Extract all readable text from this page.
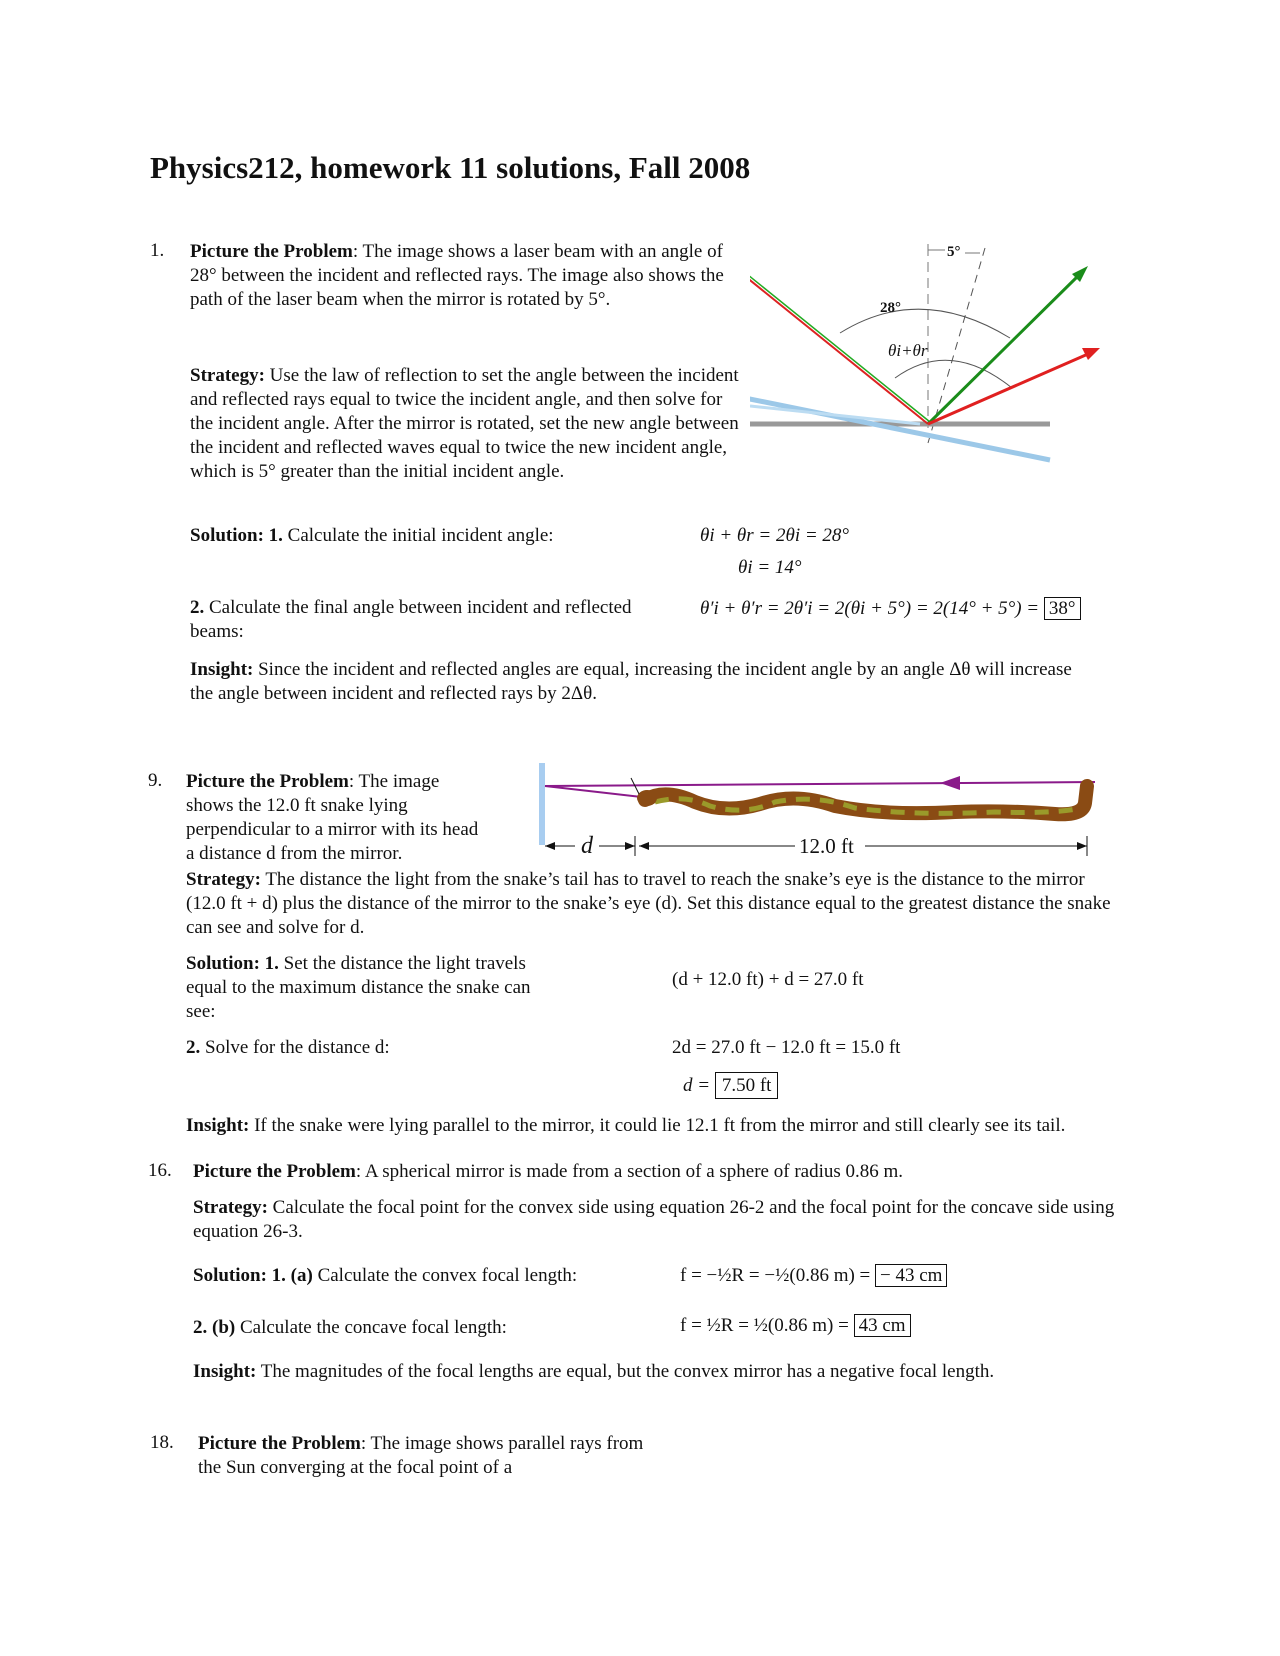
Physics212, homework 11 solutions, Fall 2008
1. Picture the Problem: The image shows a laser beam with an angle of 28° between the incident and reflected rays. The image also shows the path of the laser beam when the mirror is rotated by 5°.
Strategy: Use the law of reflection to set the angle between the incident and reflected rays equal to twice the incident angle, and then solve for the incident angle. After the mirror is rotated, set the new angle between the incident and reflected waves equal to twice the new incident angle, which is 5° greater than the initial incident angle.
5°
28°
θi+θr
Solution: 1. Calculate the initial incident angle:	θi + θr = 2θi = 28°
θi = 14°
2. Calculate the final angle between incident and reflected beams:
θ′i + θ′r = 2θ′i = 2(θi + 5°) = 2(14° + 5°) = 38°
Insight: Since the incident and reflected angles are equal, increasing the incident angle by an angle Δθ will increase the angle between incident and reflected rays by 2Δθ.
9. Picture the Problem: The image shows the 12.0 ft snake lying perpendicular to a mirror with its head a distance d from the mirror.	d	12.0 ft
Strategy: The distance the light from the snake’s tail has to travel to reach the snake’s eye is the distance to the mirror (12.0 ft + d) plus the distance of the mirror to the snake’s eye (d). Set this distance equal to the greatest distance the snake can see and solve for d.
Solution: 1. Set the distance the light travels equal to the maximum distance the snake can see:
(d + 12.0 ft) + d = 27.0 ft
2. Solve for the distance d:	2d = 27.0 ft − 12.0 ft = 15.0 ft
d = 7.50 ft
Insight: If the snake were lying parallel to the mirror, it could lie 12.1 ft from the mirror and still clearly see its tail.
16. Picture the Problem: A spherical mirror is made from a section of a sphere of radius 0.86 m.
Strategy: Calculate the focal point for the convex side using equation 26-2 and the focal point for the concave side using equation 26-3.
Solution: 1. (a) Calculate the convex focal length:	f = −½R = −½(0.86 m) = − 43 cm
2. (b) Calculate the concave focal length:	f = ½R = ½(0.86 m) = 43 cm
Insight: The magnitudes of the focal lengths are equal, but the convex mirror has a negative focal length.
18. Picture the Problem: The image shows parallel rays from the Sun converging at the focal point of a
